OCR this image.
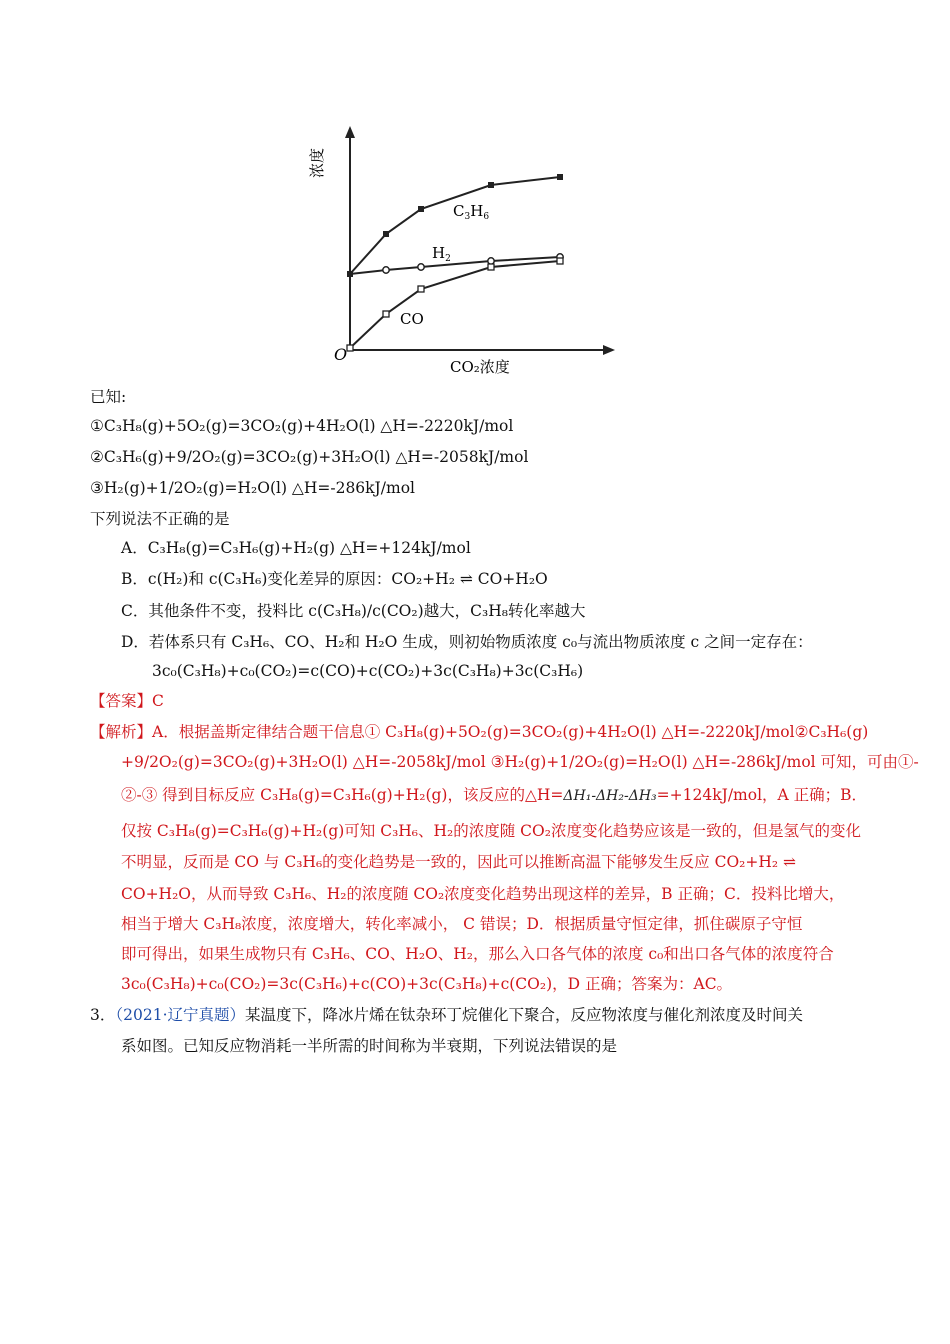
浓度
CO₂浓度
O
$C_3H_6$
$H_2$
CO
已知:
①C₃H₈(g)+5O₂(g)=3CO₂(g)+4H₂O(l) △H=-2220kJ/mol
②C₃H₆(g)+9/2O₂(g)=3CO₂(g)+3H₂O(l) △H=-2058kJ/mol
③H₂(g)+1/2O₂(g)=H₂O(l) △H=-286kJ/mol
下列说法不正确的是
A．C₃H₈(g)=C₃H₆(g)+H₂(g) △H=+124kJ/mol
B．c(H₂)和 c(C₃H₆)变化差异的原因：CO₂+H₂ ⇌ CO+H₂O
C．其他条件不变，投料比 c(C₃H₈)/c(CO₂)越大，C₃H₈转化率越大
D．若体系只有 C₃H₆、CO、H₂和 H₂O 生成，则初始物质浓度 c₀与流出物质浓度 c 之间一定存在：
3c₀(C₃H₈)+c₀(CO₂)=c(CO)+c(CO₂)+3c(C₃H₈)+3c(C₃H₆)
【答案】C
【解析】A．根据盖斯定律结合题干信息① C₃H₈(g)+5O₂(g)=3CO₂(g)+4H₂O(l) △H=-2220kJ/mol②C₃H₆(g)
+9/2O₂(g)=3CO₂(g)+3H₂O(l) △H=-2058kJ/mol ③H₂(g)+1/2O₂(g)=H₂O(l) △H=-286kJ/mol 可知，可由①-
②-③ 得到目标反应 C₃H₈(g)=C₃H₆(g)+H₂(g)，该反应的△H=ΔH₁-ΔH₂-ΔH₃=+124kJ/mol，A 正确；B．
仅按 C₃H₈(g)=C₃H₆(g)+H₂(g)可知 C₃H₆、H₂的浓度随 CO₂浓度变化趋势应该是一致的，但是氢气的变化
不明显，反而是 CO 与 C₃H₆的变化趋势是一致的，因此可以推断高温下能够发生反应 CO₂+H₂ ⇌
CO+H₂O，从而导致 C₃H₆、H₂的浓度随 CO₂浓度变化趋势出现这样的差异，B 正确；C．投料比增大，
相当于增大 C₃H₈浓度，浓度增大，转化率减小， C 错误；D．根据质量守恒定律，抓住碳原子守恒
即可得出，如果生成物只有 C₃H₆、CO、H₂O、H₂，那么入口各气体的浓度 c₀和出口各气体的浓度符合
3c₀(C₃H₈)+c₀(CO₂)=3c(C₃H₆)+c(CO)+3c(C₃H₈)+c(CO₂)，D 正确；答案为：AC。
3．（2021·辽宁真题）某温度下，降冰片烯在钛杂环丁烷催化下聚合，反应物浓度与催化剂浓度及时间关
系如图。已知反应物消耗一半所需的时间称为半衰期，下列说法错误的是
